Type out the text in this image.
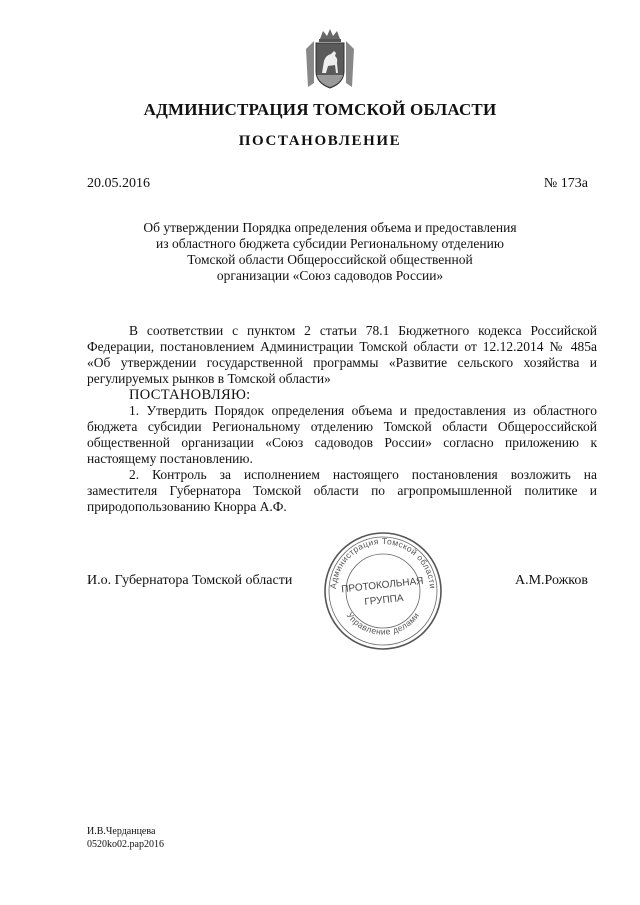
АДМИНИСТРАЦИЯ ТОМСКОЙ ОБЛАСТИ
ПОСТАНОВЛЕНИЕ
20.05.2016	№ 173а
Об утверждении Порядка определения объема и предоставления
из областного бюджета субсидии Региональному отделению
Томской области Общероссийской общественной
организации «Союз садоводов России»

В соответствии с пунктом 2 статьи 78.1 Бюджетного кодекса Российской Федерации, постановлением Администрации Томской области от 12.12.2014 № 485а «Об утверждении государственной программы «Развитие сельского хозяйства и регулируемых рынков в Томской области»

ПОСТАНОВЛЯЮ:

1. Утвердить Порядок определения объема и предоставления из областного бюджета субсидии Региональному отделению Томской области Общероссийской общественной организации «Союз садоводов России» согласно приложению к настоящему постановлению.

2. Контроль за исполнением настоящего постановления возложить на заместителя Губернатора Томской области по агропромышленной политике и природопользованию Кнорра А.Ф.

И.о. Губернатора Томской области	А.М.Рожков
Администрация Томской области
Управление делами
ПРОТОКОЛЬНАЯ
ГРУППА
И.В.Черданцева
0520ko02.pap2016
